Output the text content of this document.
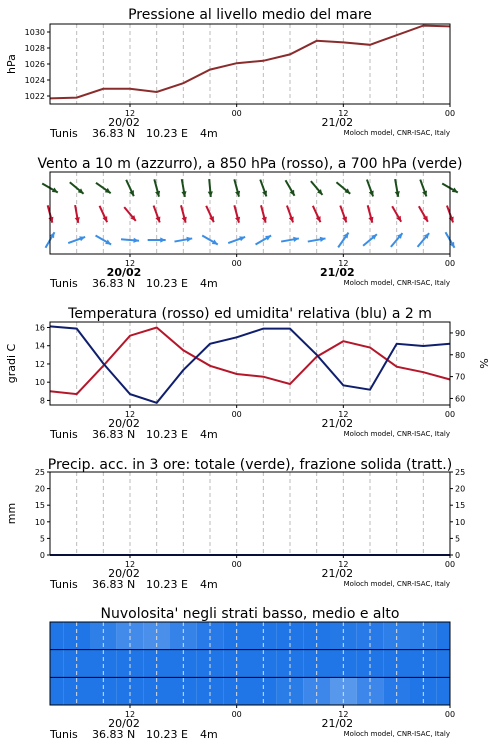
Pressione al livello medio del mare
1022
1024
1026
1028
1030
hPa
12	00	12	00
20/02	21/02
Tunis 36.83 N 10.23 E 4m	Moloch model, CNR-ISAC, Italy
Vento a 10 m (azzurro), a 850 hPa (rosso), a 700 hPa (verde)
12	00	12	00
20/02	21/02
Tunis 36.83 N 10.23 E 4m	Moloch model, CNR-ISAC, Italy
Temperatura (rosso) ed umidita' relativa (blu) a 2 m
8
10
12
14
16
60
70
80
90
gradi C	%
12	00	12	00
20/02	21/02
Tunis 36.83 N 10.23 E 4m	Moloch model, CNR-ISAC, Italy
Precip. acc. in 3 ore: totale (verde), frazione solida (tratt.)
0
5
10
15
20
25
0
5
10
15
20
25
mm
12	00	12	00
20/02	21/02
Tunis 36.83 N 10.23 E 4m	Moloch model, CNR-ISAC, Italy
Nuvolosita' negli strati basso, medio e alto
12	00	12	00
20/02	21/02
Tunis 36.83 N 10.23 E 4m	Moloch model, CNR-ISAC, Italy
